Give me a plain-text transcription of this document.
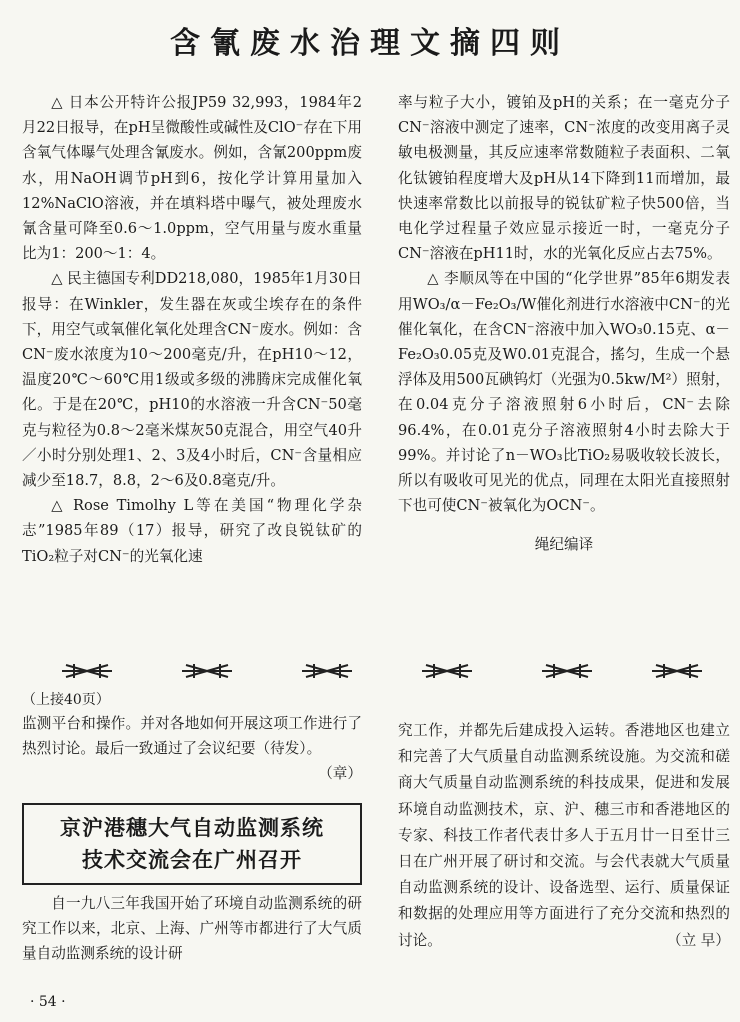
含氰废水治理文摘四则

△ 日本公开特许公报JP59 32,993，1984年2月22日报导，在pH呈微酸性或碱性及ClO⁻存在下用含氧气体曝气处理含氰废水。例如，含氰200ppm废水，用NaOH调节pH到6，按化学计算用量加入12%NaClO溶液，并在填料塔中曝气，被处理废水氰含量可降至0.6～1.0ppm，空气用量与废水重量比为1：200～1：4。

△ 民主德国专利DD218,080，1985年1月30日报导：在Winkler，发生器在灰或尘埃存在的条件下，用空气或氧催化氧化处理含CN⁻废水。例如：含CN⁻废水浓度为10～200毫克/升，在pH10～12，温度20℃～60℃用1级或多级的沸腾床完成催化氧化。于是在20℃，pH10的水溶液一升含CN⁻50毫克与粒径为0.8～2毫米煤灰50克混合，用空气40升／小时分别处理1、2、3及4小时后，CN⁻含量相应减少至18.7，8.8，2～6及0.8毫克/升。

△ Rose Timolhy L等在美国“物理化学杂志”1985年89（17）报导，研究了改良锐钛矿的TiO₂粒子对CN⁻的光氧化速

率与粒子大小，镀铂及pH的关系；在一毫克分子CN⁻溶液中测定了速率，CN⁻浓度的改变用离子灵敏电极测量，其反应速率常数随粒子表面积、二氧化钛镀铂程度增大及pH从14下降到11而增加，最快速率常数比以前报导的锐钛矿粒子快500倍，当电化学过程量子效应显示接近一时，一毫克分子CN⁻溶液在pH11时，水的光氧化反应占去75%。

△ 李顺凤等在中国的“化学世界”85年6期发表用WO₃/α－Fe₂O₃/W催化剂进行水溶液中CN⁻的光催化氧化，在含CN⁻溶液中加入WO₃0.15克、α－Fe₂O₃0.05克及W0.01克混合，搖匀，生成一个悬浮体及用500瓦碘钨灯（光强为0.5kw/M²）照射，在0.04克分子溶液照射6小时后，CN⁻去除96.4%，在0.01克分子溶液照射4小时去除大于99%。并讨论了n－WO₃比TiO₂易吸收较长波长，所以有吸收可见光的优点，同理在太阳光直接照射下也可使CN⁻被氧化为OCN⁻。

绳纪编译

（上接40页）

监测平台和操作。并对各地如何开展这项工作进行了热烈讨论。最后一致通过了会议纪要（待发）。
（章）

京沪港穗大气自动监测系统
技术交流会在广州召开

自一九八三年我国开始了环境自动监测系统的研究工作以来，北京、上海、广州等市都进行了大气质量自动监测系统的设计研

究工作，并都先后建成投入运转。香港地区也建立和完善了大气质量自动监测系统设施。为交流和磋商大气质量自动监测系统的科技成果，促进和发展环境自动监测技术，京、沪、穗三市和香港地区的专家、科技工作者代表廿多人于五月廿一日至廿三日在广州开展了研讨和交流。与会代表就大气质量自动监测系统的设计、设备选型、运行、质量保证和数据的处理应用等方面进行了充分交流和热烈的讨论。	（立 早）

· 54 ·
